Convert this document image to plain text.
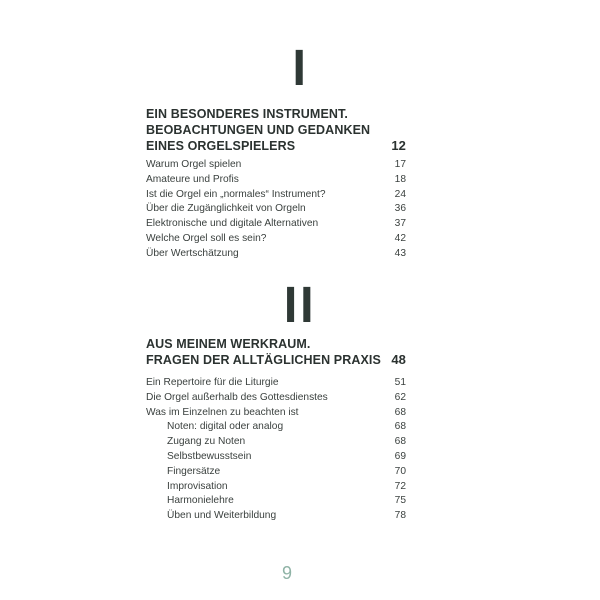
I
EIN BESONDERES INSTRUMENT.
BEOBACHTUNGEN UND GEDANKEN
EINES ORGELSPIELERS	12
Warum Orgel spielen	17
Amateure und Profis	18
Ist die Orgel ein „normales“ Instrument?	24
Über die Zugänglichkeit von Orgeln	36
Elektronische und digitale Alternativen	37
Welche Orgel soll es sein?	42
Über Wertschätzung	43
II
AUS MEINEM WERKRAUM.
FRAGEN DER ALLTÄGLICHEN PRAXIS 48
Ein Repertoire für die Liturgie	51
Die Orgel außerhalb des Gottesdienstes	62
Was im Einzelnen zu beachten ist	68
Noten: digital oder analog	68
Zugang zu Noten	68
Selbstbewusstsein	69
Fingersätze	70
Improvisation	72
Harmonielehre	75
Üben und Weiterbildung	78
9
